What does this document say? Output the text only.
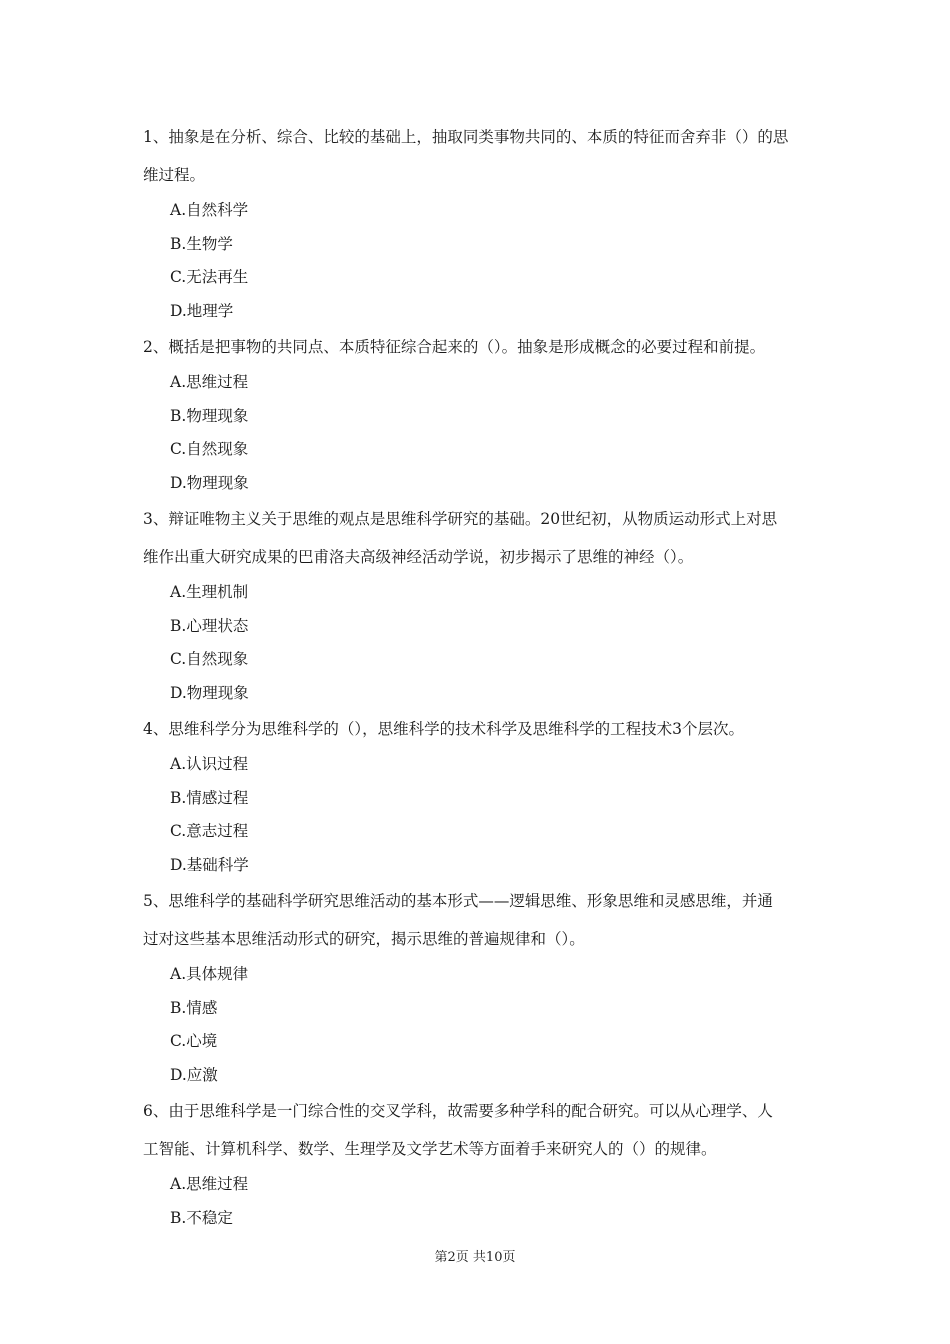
1、抽象是在分析、综合、比较的基础上，抽取同类事物共同的、本质的特征而舍弃非（）的思

维过程。

A.自然科学

B.生物学

C.无法再生

D.地理学

2、概括是把事物的共同点、本质特征综合起来的（）。抽象是形成概念的必要过程和前提。

A.思维过程

B.物理现象

C.自然现象

D.物理现象

3、辩证唯物主义关于思维的观点是思维科学研究的基础。20世纪初，从物质运动形式上对思

维作出重大研究成果的巴甫洛夫高级神经活动学说，初步揭示了思维的神经（）。

A.生理机制

B.心理状态

C.自然现象

D.物理现象

4、思维科学分为思维科学的（），思维科学的技术科学及思维科学的工程技术3个层次。

A.认识过程

B.情感过程

C.意志过程

D.基础科学

5、思维科学的基础科学研究思维活动的基本形式——逻辑思维、形象思维和灵感思维，并通

过对这些基本思维活动形式的研究，揭示思维的普遍规律和（）。

A.具体规律

B.情感

C.心境

D.应激

6、由于思维科学是一门综合性的交叉学科，故需要多种学科的配合研究。可以从心理学、人

工智能、计算机科学、数学、生理学及文学艺术等方面着手来研究人的（）的规律。

A.思维过程

B.不稳定

第2页 共10页
